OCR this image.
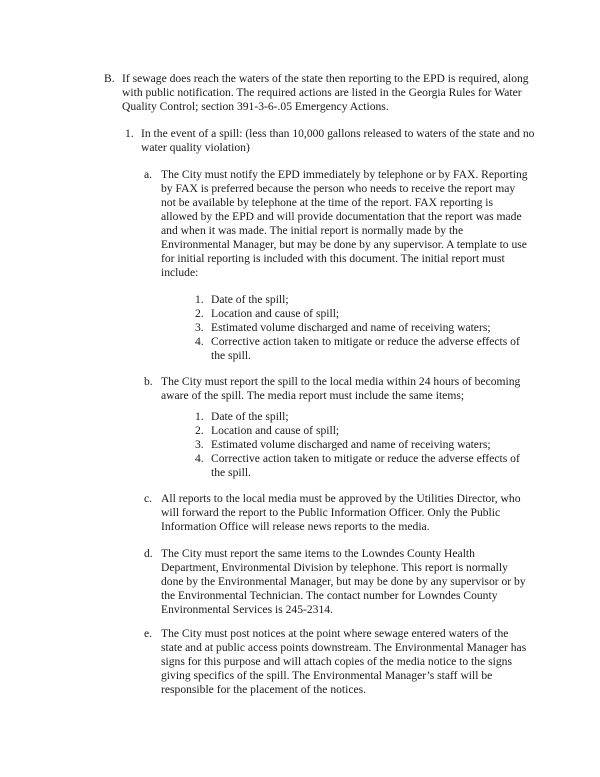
B. If sewage does reach the waters of the state then reporting to the EPD is required, along with public notification. The required actions are listed in the Georgia Rules for Water Quality Control; section 391-3-6-.05 Emergency Actions.

1. In the event of a spill: (less than 10,000 gallons released to waters of the state and no water quality violation)

a. The City must notify the EPD immediately by telephone or by FAX. Reporting by FAX is preferred because the person who needs to receive the report may not be available by telephone at the time of the report. FAX reporting is allowed by the EPD and will provide documentation that the report was made and when it was made. The initial report is normally made by the Environmental Manager, but may be done by any supervisor. A template to use for initial reporting is included with this document. The initial report must include:

1. Date of the spill;
2. Location and cause of spill;
3. Estimated volume discharged and name of receiving waters;
4. Corrective action taken to mitigate or reduce the adverse effects of the spill.
b. The City must report the spill to the local media within 24 hours of becoming aware of the spill. The media report must include the same items;

1. Date of the spill;
2. Location and cause of spill;
3. Estimated volume discharged and name of receiving waters;
4. Corrective action taken to mitigate or reduce the adverse effects of the spill.
c. All reports to the local media must be approved by the Utilities Director, who will forward the report to the Public Information Officer. Only the Public Information Office will release news reports to the media.

d. The City must report the same items to the Lowndes County Health Department, Environmental Division by telephone. This report is normally done by the Environmental Manager, but may be done by any supervisor or by the Environmental Technician. The contact number for Lowndes County Environmental Services is 245-2314.

e. The City must post notices at the point where sewage entered waters of the state and at public access points downstream. The Environmental Manager has signs for this purpose and will attach copies of the media notice to the signs giving specifics of the spill. The Environmental Manager’s staff will be responsible for the placement of the notices.
